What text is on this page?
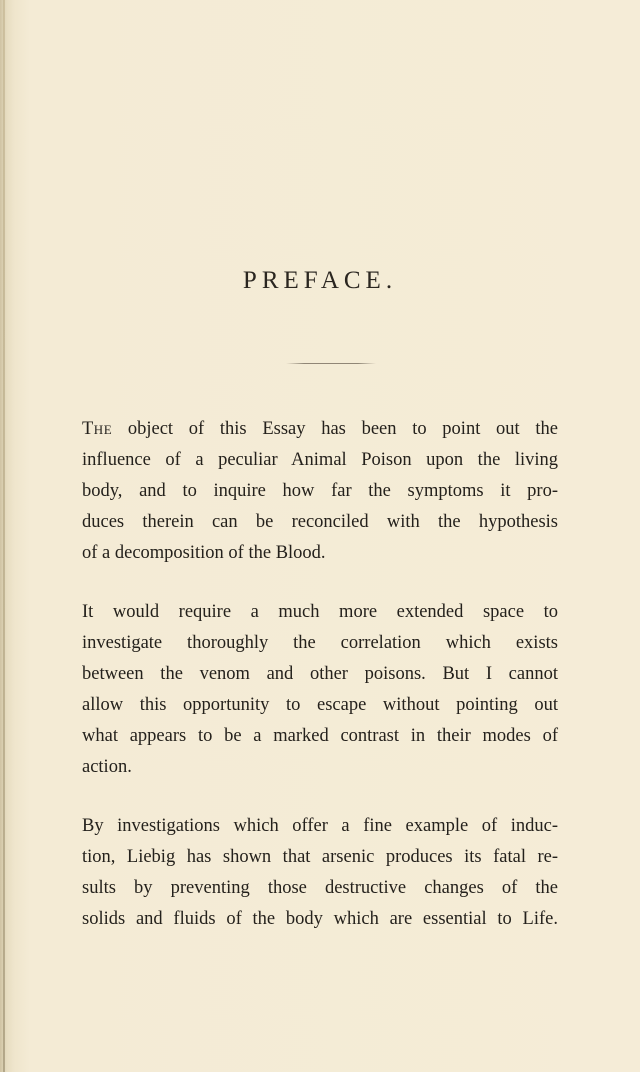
PREFACE.
The object of this Essay has been to point out the
influence of a peculiar Animal Poison upon the living
body, and to inquire how far the symptoms it pro-
duces therein can be reconciled with the hypothesis
of a decomposition of the Blood.
It would require a much more extended space to
investigate thoroughly the correlation which exists
between the venom and other poisons. But I cannot
allow this opportunity to escape without pointing out
what appears to be a marked contrast in their modes of
action.
By investigations which offer a fine example of induc-
tion, Liebig has shown that arsenic produces its fatal re-
sults by preventing those destructive changes of the
solids and fluids of the body which are essential to Life.
